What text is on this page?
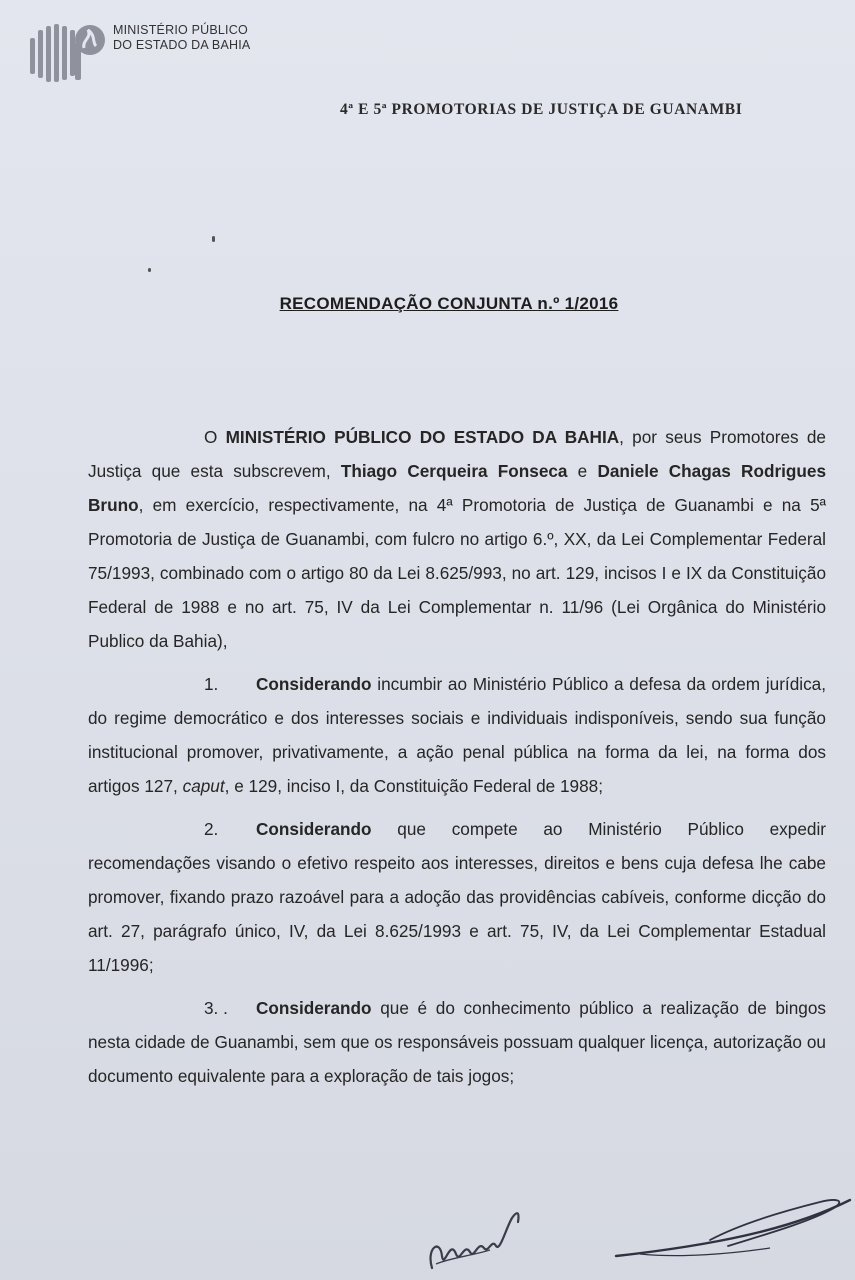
MINISTÉRIO PÚBLICO
DO ESTADO DA BAHIA
4ª E 5ª PROMOTORIAS DE JUSTIÇA DE GUANAMBI
RECOMENDAÇÃO CONJUNTA n.º 1/2016

O MINISTÉRIO PÚBLICO DO ESTADO DA BAHIA, por seus Promotores de Justiça que esta subscrevem, Thiago Cerqueira Fonseca e Daniele Chagas Rodrigues Bruno, em exercício, respectivamente, na 4ª Promotoria de Justiça de Guanambi e na 5ª Promotoria de Justiça de Guanambi, com fulcro no artigo 6.º, XX, da Lei Complementar Federal 75/1993, combinado com o artigo 80 da Lei 8.625/993, no art. 129, incisos I e IX da Constituição Federal de 1988 e no art. 75, IV da Lei Complementar n. 11/96 (Lei Orgânica do Ministério Publico da Bahia),

1. Considerando incumbir ao Ministério Público a defesa da ordem jurídica, do regime democrático e dos interesses sociais e individuais indisponíveis, sendo sua função institucional promover, privativamente, a ação penal pública na forma da lei, na forma dos artigos 127, caput, e 129, inciso I, da Constituição Federal de 1988;

2. Considerando que compete ao Ministério Público expedir recomendações visando o efetivo respeito aos interesses, direitos e bens cuja defesa lhe cabe promover, fixando prazo razoável para a adoção das providências cabíveis, conforme dicção do art. 27, parágrafo único, IV, da Lei 8.625/1993 e art. 75, IV, da Lei Complementar Estadual 11/1996;

3. . Considerando que é do conhecimento público a realização de bingos nesta cidade de Guanambi, sem que os responsáveis possuam qualquer licença, autorização ou documento equivalente para a exploração de tais jogos;
